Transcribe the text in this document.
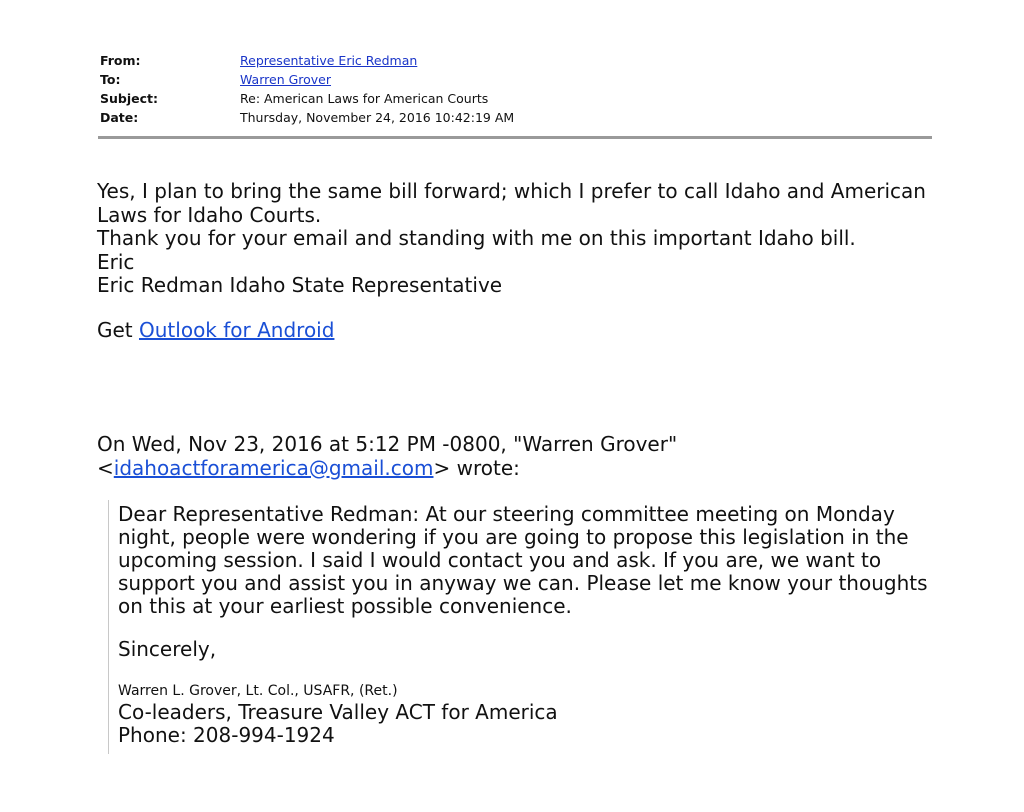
From:	Representative Eric Redman
To:	Warren Grover
Subject:	Re: American Laws for American Courts
Date:	Thursday, November 24, 2016 10:42:19 AM
Yes, I plan to bring the same bill forward; which I prefer to call Idaho and American
Laws for Idaho Courts.
Thank you for your email and standing with me on this important Idaho bill.
Eric
Eric Redman Idaho State Representative
Get Outlook for Android
On Wed, Nov 23, 2016 at 5:12 PM -0800, "Warren Grover"
<idahoactforamerica@gmail.com> wrote:
Dear Representative Redman: At our steering committee meeting on Monday
night, people were wondering if you are going to propose this legislation in the
upcoming session. I said I would contact you and ask. If you are, we want to
support you and assist you in anyway we can. Please let me know your thoughts
on this at your earliest possible convenience.
Sincerely,
Warren L. Grover, Lt. Col., USAFR, (Ret.)
Co-leaders, Treasure Valley ACT for America
Phone: 208-994-1924
